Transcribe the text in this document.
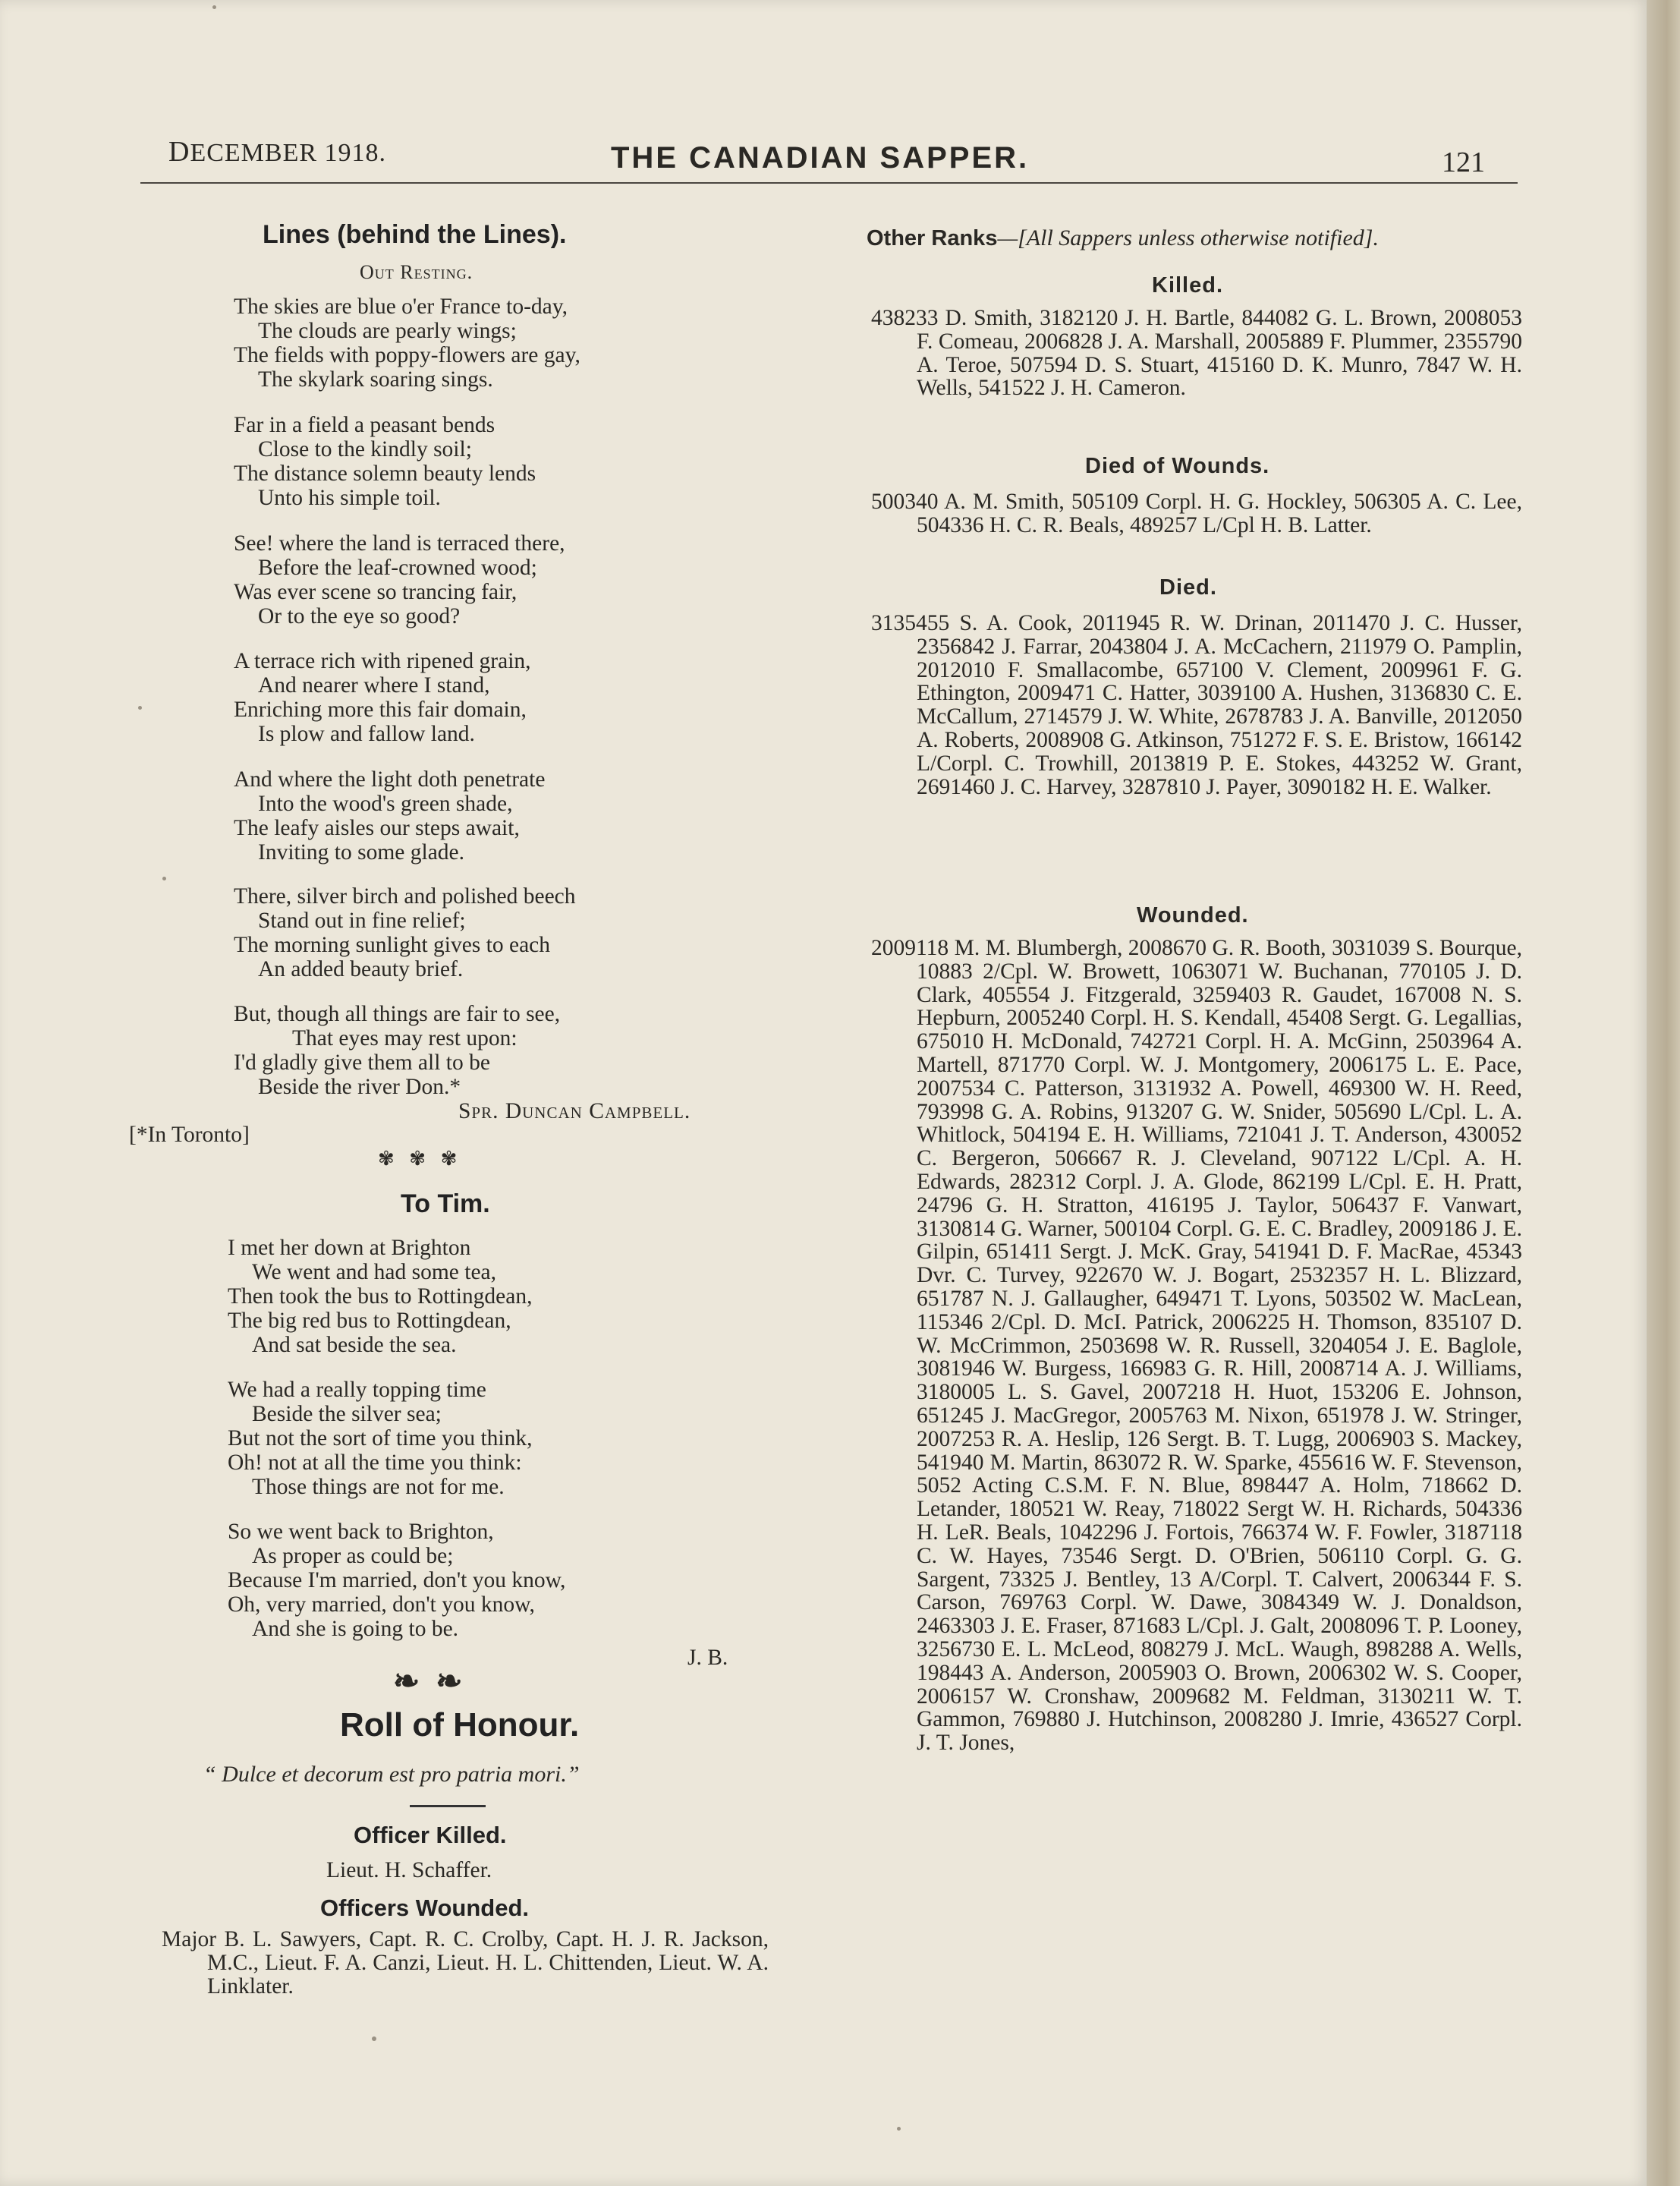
DECEMBER 1918.	THE CANADIAN SAPPER.	121
Lines (behind the Lines).
Out Resting.
The skies are blue o'er France to-day,
The clouds are pearly wings;
The fields with poppy-flowers are gay,
The skylark soaring sings.
Far in a field a peasant bends
Close to the kindly soil;
The distance solemn beauty lends
Unto his simple toil.
See! where the land is terraced there,
Before the leaf-crowned wood;
Was ever scene so trancing fair,
Or to the eye so good?
A terrace rich with ripened grain,
And nearer where I stand,
Enriching more this fair domain,
Is plow and fallow land.
And where the light doth penetrate
Into the wood's green shade,
The leafy aisles our steps await,
Inviting to some glade.
There, silver birch and polished beech
Stand out in fine relief;
The morning sunlight gives to each
An added beauty brief.
But, though all things are fair to see,
That eyes may rest upon:
I'd gladly give them all to be
Beside the river Don.*
Spr. Duncan Campbell.
[*In Toronto]
✾   ✾   ✾
To Tim.
I met her down at Brighton
We went and had some tea,
Then took the bus to Rottingdean,
The big red bus to Rottingdean,
And sat beside the sea.
We had a really topping time
Beside the silver sea;
But not the sort of time you think,
Oh! not at all the time you think:
Those things are not for me.
So we went back to Brighton,
As proper as could be;
Because I'm married, don't you know,
Oh, very married, don't you know,
And she is going to be.
J. B.
❧  ❧
Roll of Honour.
“ Dulce et decorum est pro patria mori.”
Officer Killed.
Lieut. H. Schaffer.
Officers Wounded.
Major B. L. Sawyers, Capt. R. C. Crolby, Capt. H. J. R. Jackson, M.C., Lieut. F. A. Canzi, Lieut. H. L. Chittenden, Lieut. W. A. Linklater.
Other Ranks—[All Sappers unless otherwise notified].
Killed.
438233 D. Smith, 3182120 J. H. Bartle, 844082 G. L. Brown, 2008053 F. Comeau, 2006828 J. A. Marshall, 2005889 F. Plummer, 2355790 A. Teroe, 507594 D. S. Stuart, 415160 D. K. Munro, 7847 W. H. Wells, 541522 J. H. Cameron.
Died of Wounds.
500340 A. M. Smith, 505109 Corpl. H. G. Hockley, 506305 A. C. Lee, 504336 H. C. R. Beals, 489257 L/Cpl H. B. Latter.
Died.
3135455 S. A. Cook, 2011945 R. W. Drinan, 2011470 J. C. Husser, 2356842 J. Farrar, 2043804 J. A. McCachern, 211979 O. Pamplin, 2012010 F. Smallacombe, 657100 V. Clement, 2009961 F. G. Ethington, 2009471 C. Hatter, 3039100 A. Hushen, 3136830 C. E. McCallum, 2714579 J. W. White, 2678783 J. A. Banville, 2012050 A. Roberts, 2008908 G. Atkinson, 751272 F. S. E. Bristow, 166142 L/Corpl. C. Trowhill, 2013819 P. E. Stokes, 443252 W. Grant, 2691460 J. C. Harvey, 3287810 J. Payer, 3090182 H. E. Walker.
Wounded.
2009118 M. M. Blumbergh, 2008670 G. R. Booth, 3031039 S. Bourque, 10883 2/Cpl. W. Browett, 1063071 W. Buchanan, 770105 J. D. Clark, 405554 J. Fitzgerald, 3259403 R. Gaudet, 167008 N. S. Hepburn, 2005240 Corpl. H. S. Kendall, 45408 Sergt. G. Legallias, 675010 H. McDonald, 742721 Corpl. H. A. McGinn, 2503964 A. Martell, 871770 Corpl. W. J. Montgomery, 2006175 L. E. Pace, 2007534 C. Patterson, 3131932 A. Powell, 469300 W. H. Reed, 793998 G. A. Robins, 913207 G. W. Snider, 505690 L/Cpl. L. A. Whitlock, 504194 E. H. Williams, 721041 J. T. Anderson, 430052 C. Bergeron, 506667 R. J. Cleveland, 907122 L/Cpl. A. H. Edwards, 282312 Corpl. J. A. Glode, 862199 L/Cpl. E. H. Pratt, 24796 G. H. Stratton, 416195 J. Taylor, 506437 F. Vanwart, 3130814 G. Warner, 500104 Corpl. G. E. C. Bradley, 2009186 J. E. Gilpin, 651411 Sergt. J. McK. Gray, 541941 D. F. MacRae, 45343 Dvr. C. Turvey, 922670 W. J. Bogart, 2532357 H. L. Blizzard, 651787 N. J. Gallaugher, 649471 T. Lyons, 503502 W. MacLean, 115346 2/Cpl. D. McI. Patrick, 2006225 H. Thomson, 835107 D. W. McCrimmon, 2503698 W. R. Russell, 3204054 J. E. Baglole, 3081946 W. Burgess, 166983 G. R. Hill, 2008714 A. J. Williams, 3180005 L. S. Gavel, 2007218 H. Huot, 153206 E. Johnson, 651245 J. MacGregor, 2005763 M. Nixon, 651978 J. W. Stringer, 2007253 R. A. Heslip, 126 Sergt. B. T. Lugg, 2006903 S. Mackey, 541940 M. Martin, 863072 R. W. Sparke, 455616 W. F. Stevenson, 5052 Acting C.S.M. F. N. Blue, 898447 A. Holm, 718662 D. Letander, 180521 W. Reay, 718022 Sergt W. H. Richards, 504336 H. LeR. Beals, 1042296 J. Fortois, 766374 W. F. Fowler, 3187118 C. W. Hayes, 73546 Sergt. D. O'Brien, 506110 Corpl. G. G. Sargent, 73325 J. Bentley, 13 A/Corpl. T. Calvert, 2006344 F. S. Carson, 769763 Corpl. W. Dawe, 3084349 W. J. Donaldson, 2463303 J. E. Fraser, 871683 L/Cpl. J. Galt, 2008096 T. P. Looney, 3256730 E. L. McLeod, 808279 J. McL. Waugh, 898288 A. Wells, 198443 A. Anderson, 2005903 O. Brown, 2006302 W. S. Cooper, 2006157 W. Cronshaw, 2009682 M. Feldman, 3130211 W. T. Gammon, 769880 J. Hutchinson, 2008280 J. Imrie, 436527 Corpl. J. T. Jones,
